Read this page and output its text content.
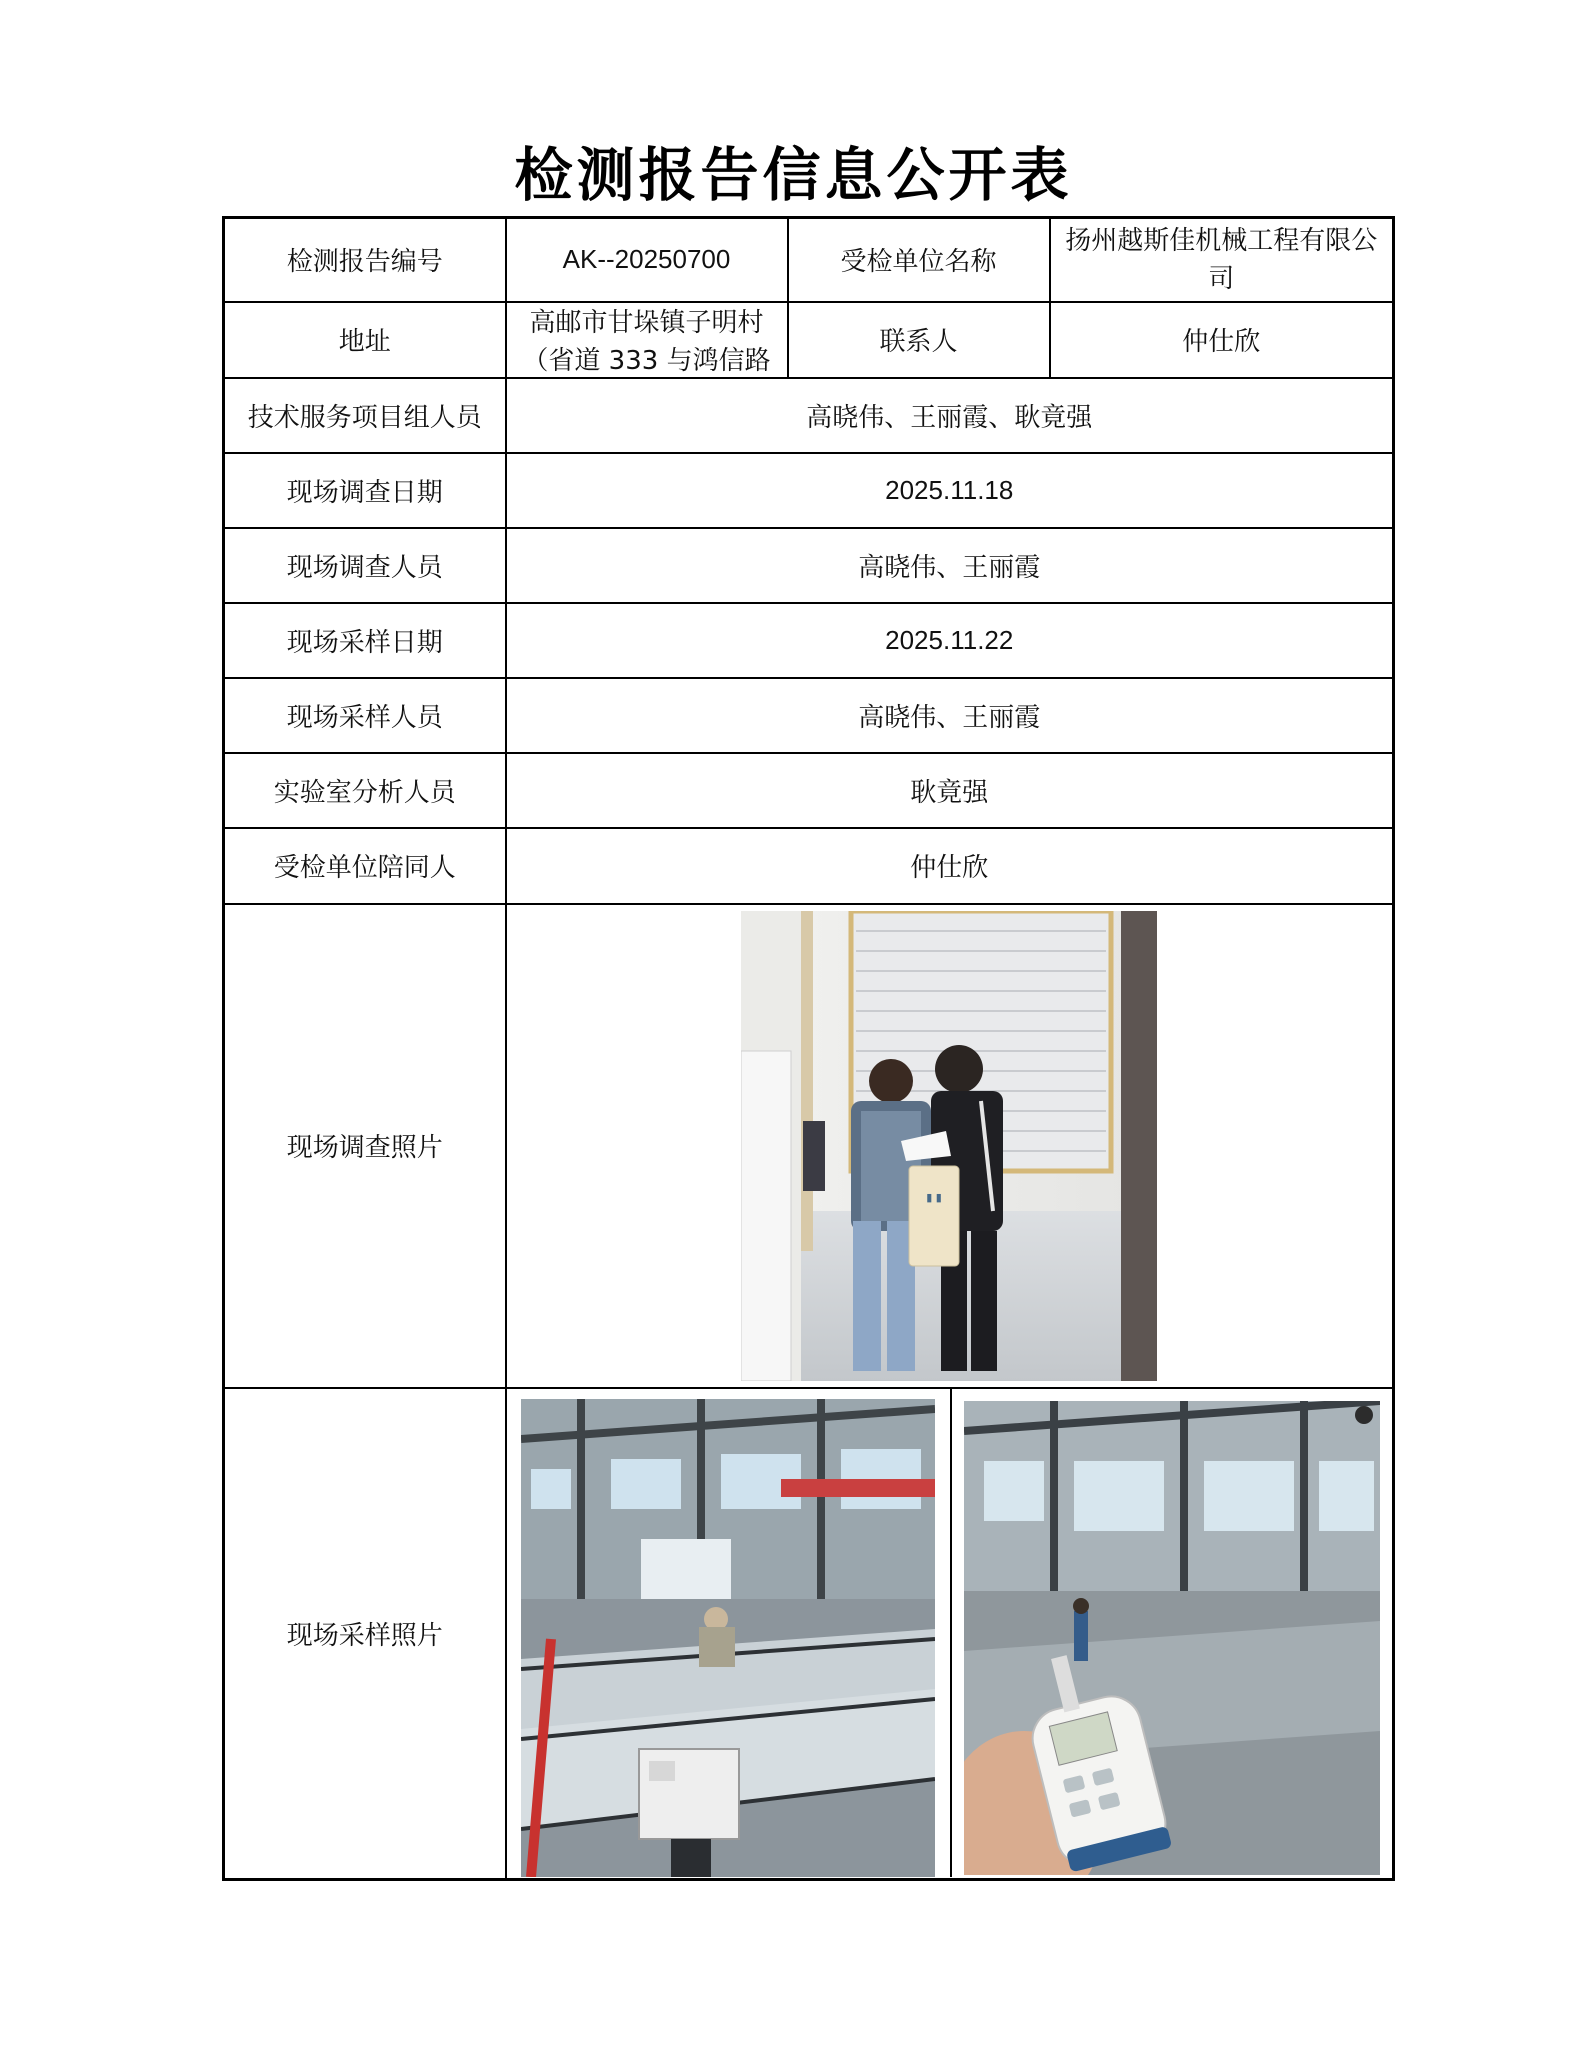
检测报告信息公开表
检测报告编号	AK--20250700	受检单位名称	扬州越斯佳机械工程有限公司

地址	高邮市甘垛镇子明村（省道 333 与鸿信路	联系人	仲仕欣
技术服务项目组人员	高晓伟、王丽霞、耿竟强		
现场调查日期	2025.11.18		
现场调查人员	高晓伟、王丽霞		
现场采样日期	2025.11.22		
现场采样人员	高晓伟、王丽霞		
实验室分析人员	耿竟强		
受检单位陪同人	仲仕欣		
现场调查照片	▮ ▮		

现场采样照片	
